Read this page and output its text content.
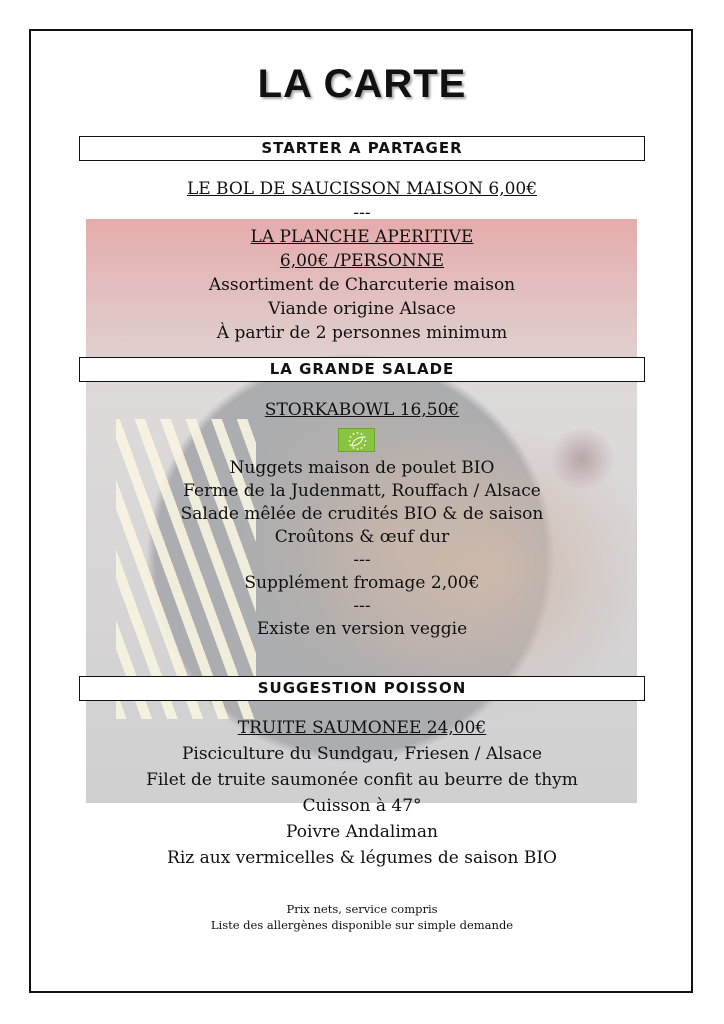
LA CARTE
STARTER A PARTAGER
LE BOL DE SAUCISSON MAISON 6,00€
---
LA PLANCHE APERITIVE
6,00€ /PERSONNE
Assortiment de Charcuterie maison
Viande origine Alsace
À partir de 2 personnes minimum
LA GRANDE SALADE
STORKABOWL 16,50€
Nuggets maison de poulet BIO
Ferme de la Judenmatt, Rouffach / Alsace
Salade mêlée de crudités BIO & de saison
Croûtons & œuf dur
---
Supplément fromage 2,00€
---
Existe en version veggie
SUGGESTION POISSON
TRUITE SAUMONEE 24,00€
Pisciculture du Sundgau, Friesen / Alsace
Filet de truite saumonée confit au beurre de thym
Cuisson à 47°
Poivre Andaliman
Riz aux vermicelles & légumes de saison BIO
Prix nets, service compris
Liste des allergènes disponible sur simple demande
